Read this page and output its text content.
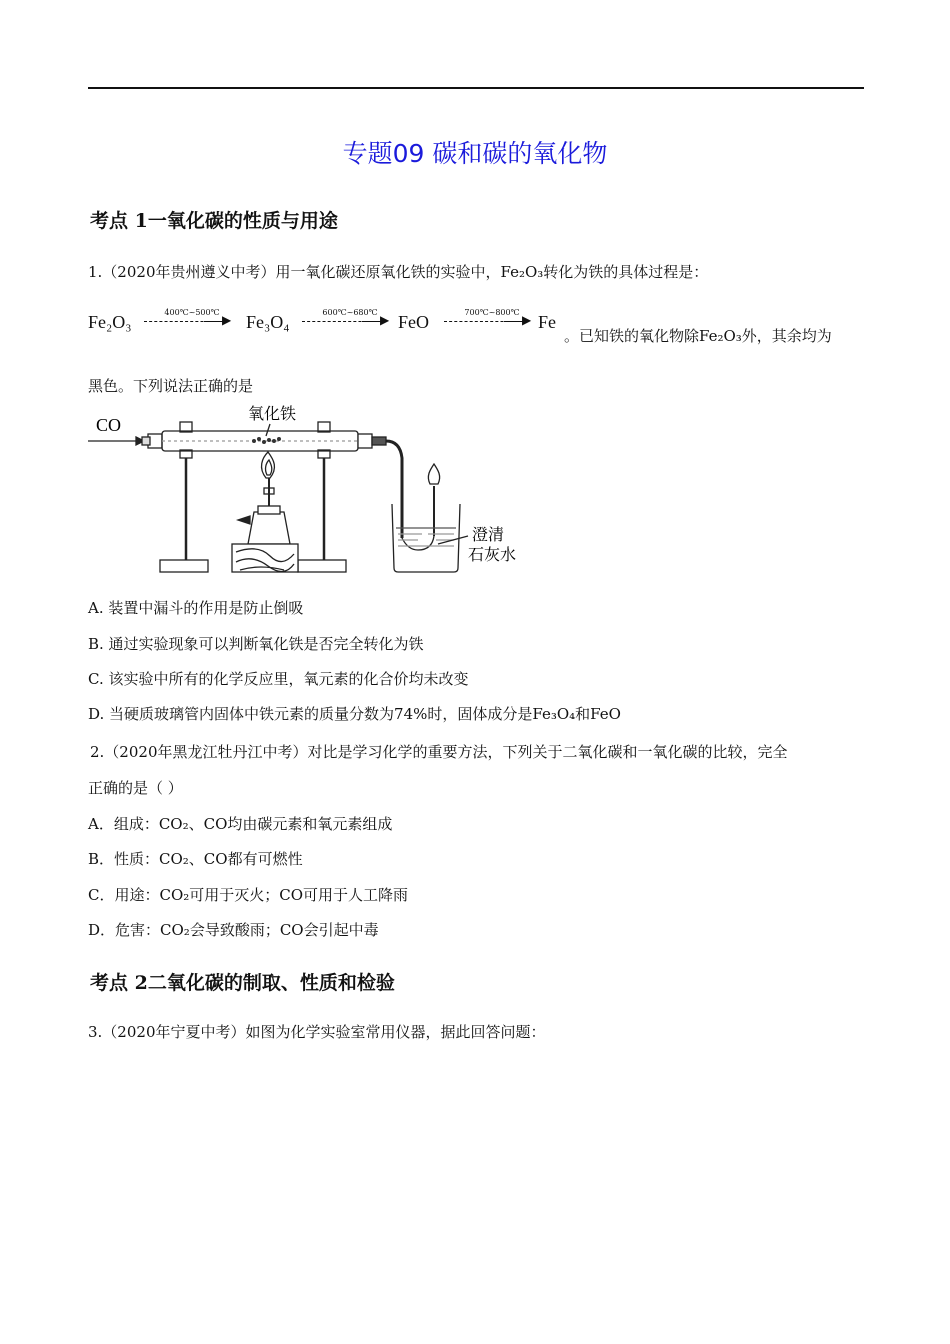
专题09 碳和碳的氧化物
考点 1一氧化碳的性质与用途
1.（2020年贵州遵义中考）用一氧化碳还原氧化铁的实验中，Fe₂O₃转化为铁的具体过程是：
Fe₂O₃	400℃~500℃
▶ Fe₃O₄	600℃~680℃
▶ FeO	700℃~800℃
▶ Fe
。已知铁的氧化物除Fe₂O₃外，其余均为
黑色。下列说法正确的是
CO
氧化铁
澄清
石灰水
A. 装置中漏斗的作用是防止倒吸
B. 通过实验现象可以判断氧化铁是否完全转化为铁
C. 该实验中所有的化学反应里，氧元素的化合价均未改变
D. 当硬质玻璃管内固体中铁元素的质量分数为74%时，固体成分是Fe₃O₄和FeO
2.（2020年黑龙江牡丹江中考）对比是学习化学的重要方法，下列关于二氧化碳和一氧化碳的比较，完全
正确的是（ ）
A．组成：CO₂、CO均由碳元素和氧元素组成
B．性质：CO₂、CO都有可燃性
C．用途：CO₂可用于灭火；CO可用于人工降雨
D．危害：CO₂会导致酸雨；CO会引起中毒
考点 2二氧化碳的制取、性质和检验
3.（2020年宁夏中考）如图为化学实验室常用仪器，据此回答问题：
